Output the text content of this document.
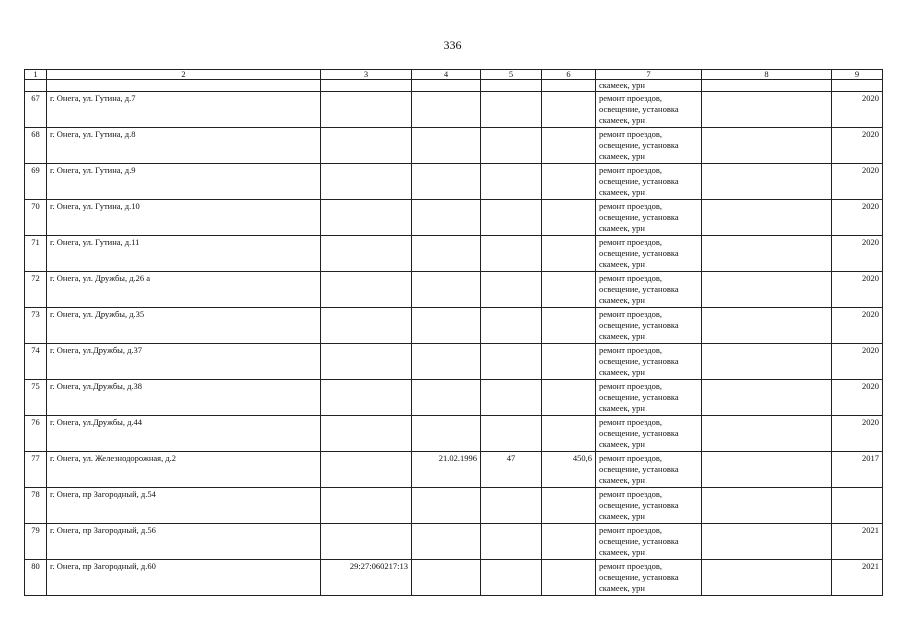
336
1	2	3	4	5	6	7	8	9
						скамеек, урн		
67	г. Онега, ул. Гутина, д.7					ремонт проездов,
освещение, установка
скамеек, урн		2020
68	г. Онега, ул. Гутина, д.8					ремонт проездов,
освещение, установка
скамеек, урн		2020
69	г. Онега, ул. Гутина, д.9					ремонт проездов,
освещение, установка
скамеек, урн		2020
70	г. Онега, ул. Гутина, д.10					ремонт проездов,
освещение, установка
скамеек, урн		2020
71	г. Онега, ул. Гутина, д.11					ремонт проездов,
освещение, установка
скамеек, урн		2020
72	г. Онега, ул. Дружбы, д.26 а					ремонт проездов,
освещение, установка
скамеек, урн		2020
73	г. Онега, ул. Дружбы, д.35					ремонт проездов,
освещение, установка
скамеек, урн		2020
74	г. Онега, ул.Дружбы, д.37					ремонт проездов,
освещение, установка
скамеек, урн		2020
75	г. Онега, ул.Дружбы, д.38					ремонт проездов,
освещение, установка
скамеек, урн		2020
76	г. Онега, ул.Дружбы, д.44					ремонт проездов,
освещение, установка
скамеек, урн		2020
77	г. Онега, ул. Железнодорожная, д.2		21.02.1996	47	450,6	ремонт проездов,
освещение, установка
скамеек, урн		2017
78	г. Онега, пр Загородный, д.54					ремонт проездов,
освещение, установка
скамеек, урн		

79	г. Онега, пр Загородный, д.56					ремонт проездов,
освещение, установка
скамеек, урн		2021
80	г. Онега, пр Загородный, д.60	29:27:060217:13				ремонт проездов,
освещение, установка
скамеек, урн		2021
